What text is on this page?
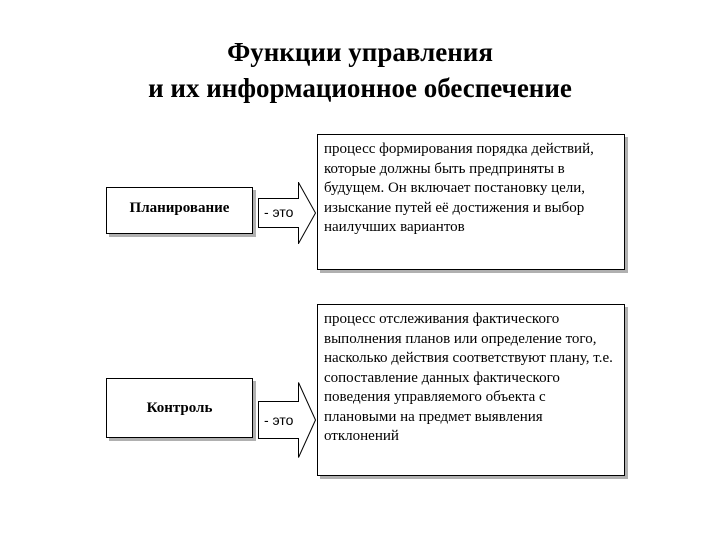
Функции управления
и их информационное обеспечение
Планирование	- это
процесс формирования порядка действий, которые должны быть предприняты в будущем. Он включает постановку цели, изыскание путей её достижения и выбор наилучших вариантов
Контроль
- это
процесс отслеживания фактического выполнения планов или определение того, насколько действия соответствуют плану, т.е. сопоставление данных фактического поведения управляемого объекта с плановыми на предмет выявления отклонений
